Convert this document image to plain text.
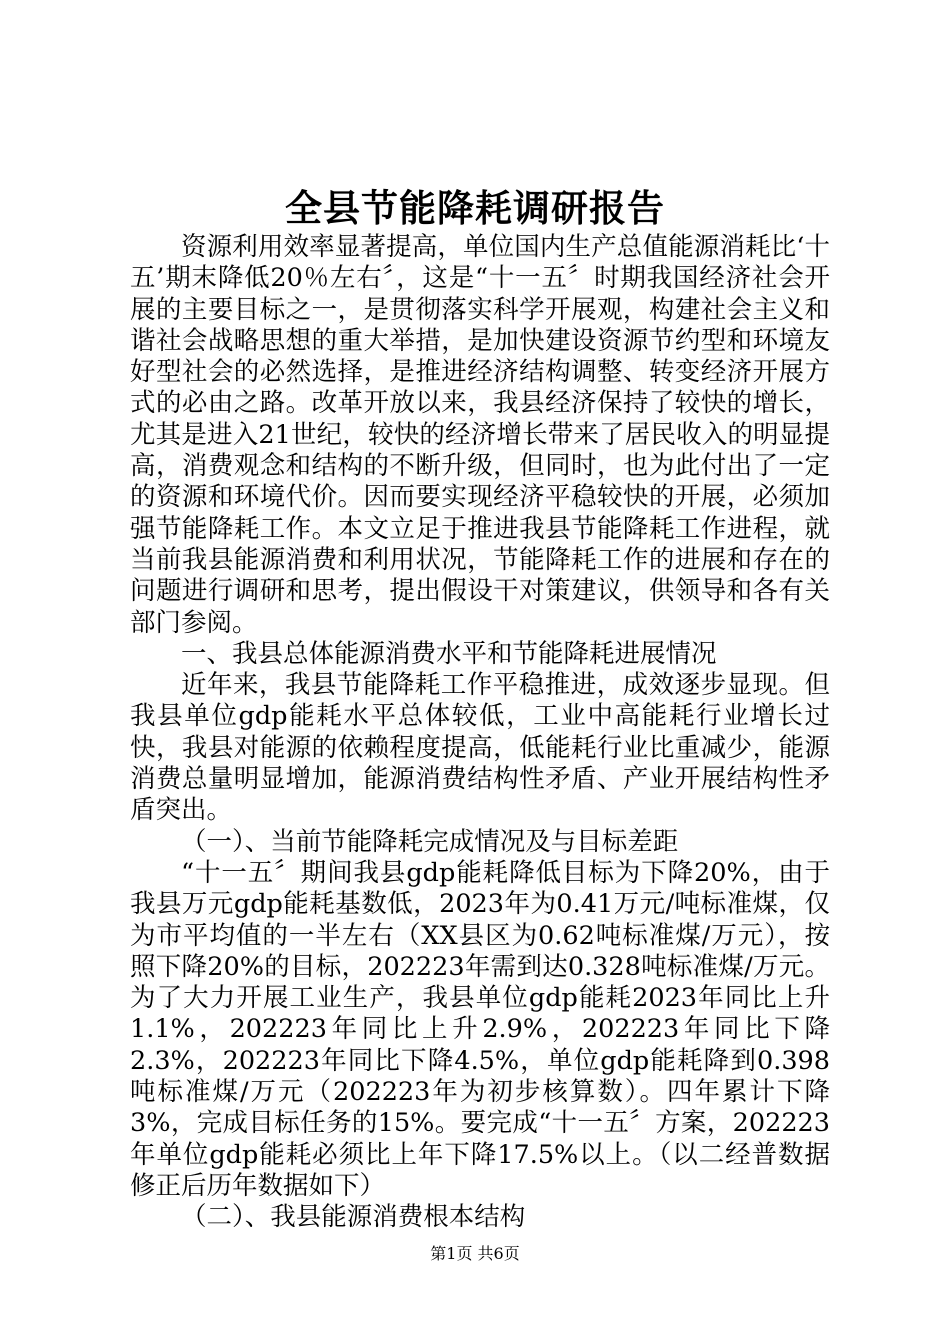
全县节能降耗调研报告

资源利用效率显著提高，单位国内生产总值能源消耗比‘十五’期末降低20％左右〞，这是“十一五〞时期我国经济社会开展的主要目标之一，是贯彻落实科学开展观，构建社会主义和谐社会战略思想的重大举措，是加快建设资源节约型和环境友好型社会的必然选择，是推进经济结构调整、转变经济开展方式的必由之路。改革开放以来，我县经济保持了较快的增长，尤其是进入21世纪，较快的经济增长带来了居民收入的明显提高，消费观念和结构的不断升级，但同时，也为此付出了一定的资源和环境代价。因而要实现经济平稳较快的开展，必须加强节能降耗工作。本文立足于推进我县节能降耗工作进程，就当前我县能源消费和利用状况，节能降耗工作的进展和存在的问题进行调研和思考，提出假设干对策建议，供领导和各有关部门参阅。

一、我县总体能源消费水平和节能降耗进展情况

近年来，我县节能降耗工作平稳推进，成效逐步显现。但我县单位gdp能耗水平总体较低，工业中高能耗行业增长过快，我县对能源的依赖程度提高，低能耗行业比重减少，能源消费总量明显增加，能源消费结构性矛盾、产业开展结构性矛盾突出。

（一）、当前节能降耗完成情况及与目标差距

“十一五〞期间我县gdp能耗降低目标为下降20%，由于我县万元gdp能耗基数低，2023年为0.41万元/吨标准煤，仅为市平均值的一半左右（XX县区为0.62吨标准煤/万元），按照下降20%的目标，202223年需到达0.328吨标准煤/万元。为了大力开展工业生产，我县单位gdp能耗2023年同比上升1.1%，202223年同比上升2.9%，202223年同比下降2.3%，202223年同比下降4.5%，单位gdp能耗降到0.398吨标准煤/万元（202223年为初步核算数）。四年累计下降3%，完成目标任务的15%。要完成“十一五〞方案，202223年单位gdp能耗必须比上年下降17.5%以上。（以二经普数据修正后历年数据如下）

（二）、我县能源消费根本结构

第1页 共6页
